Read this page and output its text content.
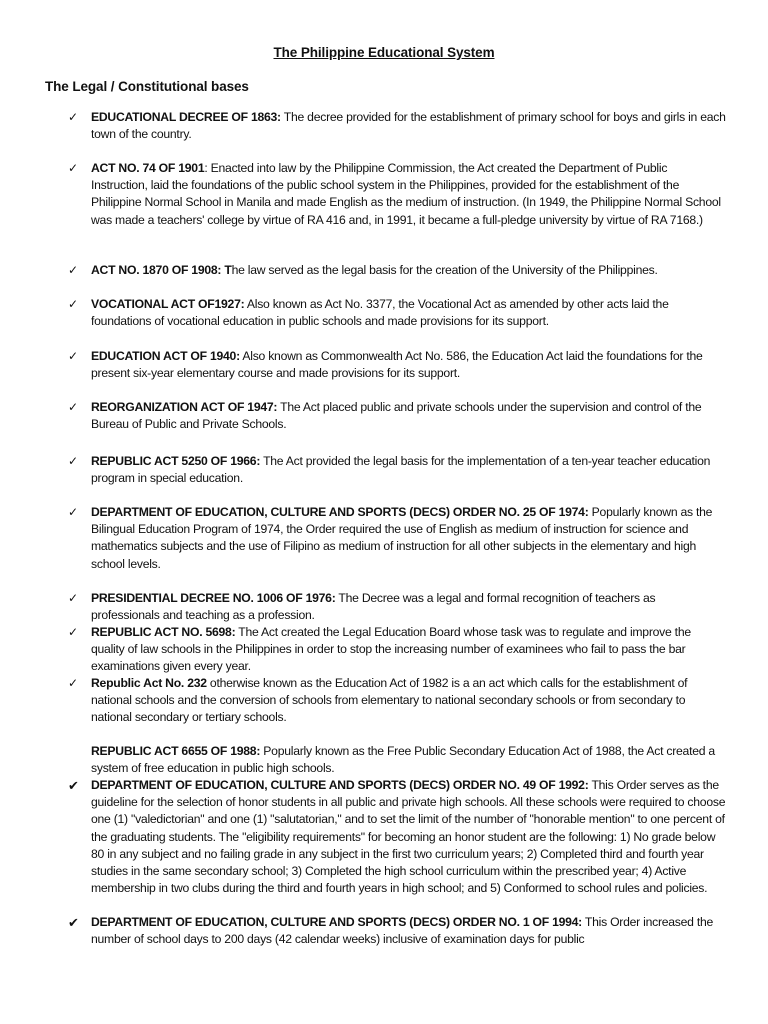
The Philippine Educational System
The Legal / Constitutional bases
✓	EDUCATIONAL DECREE OF 1863: The decree provided for the establishment of primary school for boys and girls in each town of the country.
✓	ACT NO. 74 OF 1901: Enacted into law by the Philippine Commission, the Act created the Department of Public Instruction, laid the foundations of the public school system in the Philippines, provided for the establishment of the Philippine Normal School in Manila and made English as the medium of instruction. (In 1949, the Philippine Normal School was made a teachers' college by virtue of RA 416 and, in 1991, it became a full-pledge university by virtue of RA 7168.)
✓	ACT NO. 1870 OF 1908: The law served as the legal basis for the creation of the University of the Philippines.
✓	VOCATIONAL ACT OF1927: Also known as Act No. 3377, the Vocational Act as amended by other acts laid the foundations of vocational education in public schools and made provisions for its support.
✓	EDUCATION ACT OF 1940: Also known as Commonwealth Act No. 586, the Education Act laid the foundations for the present six-year elementary course and made provisions for its support.
✓	REORGANIZATION ACT OF 1947: The Act placed public and private schools under the supervision and control of the Bureau of Public and Private Schools.
✓	REPUBLIC ACT 5250 OF 1966: The Act provided the legal basis for the implementation of a ten-year teacher education program in special education.
✓	DEPARTMENT OF EDUCATION, CULTURE AND SPORTS (DECS) ORDER NO. 25 OF 1974: Popularly known as the Bilingual Education Program of 1974, the Order required the use of English as medium of instruction for science and mathematics subjects and the use of Filipino as medium of instruction for all other subjects in the elementary and high school levels.
✓	PRESIDENTIAL DECREE NO. 1006 OF 1976: The Decree was a legal and formal recognition of teachers as professionals and teaching as a profession.
✓	REPUBLIC ACT NO. 5698: The Act created the Legal Education Board whose task was to regulate and improve the quality of law schools in the Philippines in order to stop the increasing number of examinees who fail to pass the bar examinations given every year.
✓	Republic Act No. 232 otherwise known as the Education Act of 1982 is a an act which calls for the establishment of national schools and the conversion of schools from elementary to national secondary schools or from secondary to national secondary or tertiary schools.
REPUBLIC ACT 6655 OF 1988: Popularly known as the Free Public Secondary Education Act of 1988, the Act created a system of free education in public high schools.
✔	DEPARTMENT OF EDUCATION, CULTURE AND SPORTS (DECS) ORDER NO. 49 OF 1992: This Order serves as the guideline for the selection of honor students in all public and private high schools. All these schools were required to choose one (1) "valedictorian" and one (1) "salutatorian," and to set the limit of the number of "honorable mention" to one percent of the graduating students. The "eligibility requirements" for becoming an honor student are the following: 1) No grade below 80 in any subject and no failing grade in any subject in the first two curriculum years; 2) Completed third and fourth year studies in the same secondary school; 3) Completed the high school curriculum within the prescribed year; 4) Active membership in two clubs during the third and fourth years in high school; and 5) Conformed to school rules and policies.
✔	DEPARTMENT OF EDUCATION, CULTURE AND SPORTS (DECS) ORDER NO. 1 OF 1994: This Order increased the number of school days to 200 days (42 calendar weeks) inclusive of examination days for public
